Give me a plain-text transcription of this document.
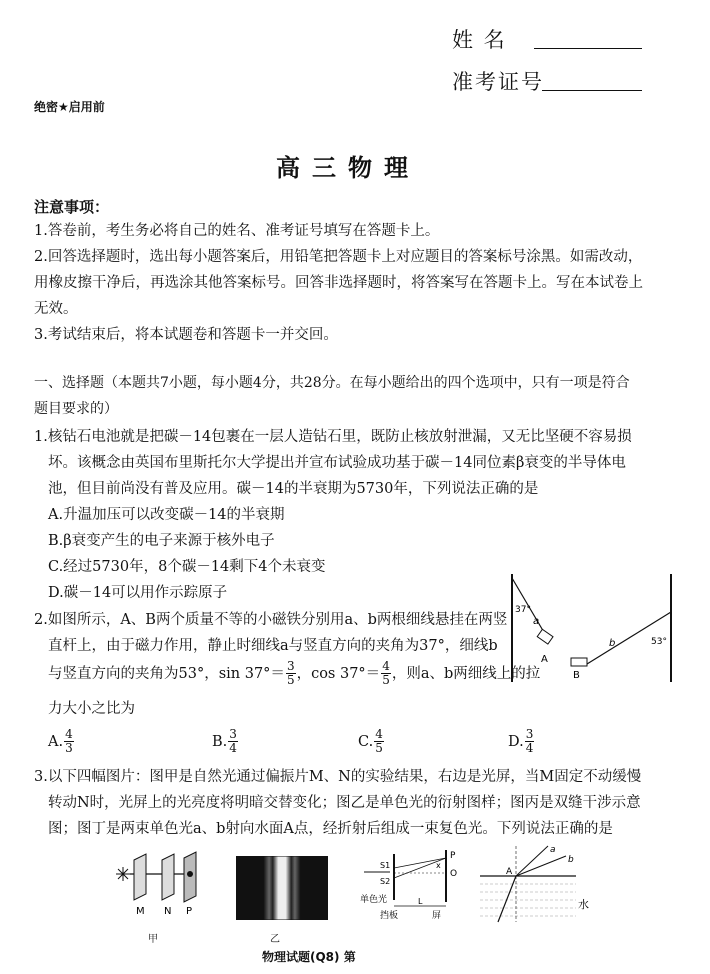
姓 名
准考证号
绝密★启用前
高三物理
注意事项：
1.答卷前，考生务必将自己的姓名、准考证号填写在答题卡上。
2.回答选择题时，选出每小题答案后，用铅笔把答题卡上对应题目的答案标号涂黑。如需改动，
用橡皮擦干净后，再选涂其他答案标号。回答非选择题时，将答案写在答题卡上。写在本试卷上
无效。
3.考试结束后，将本试题卷和答题卡一并交回。
一、选择题（本题共7小题，每小题4分，共28分。在每小题给出的四个选项中，只有一项是符合
题目要求的）
1.核钻石电池就是把碳－14包裹在一层人造钻石里，既防止核放射泄漏，又无比坚硬不容易损
坏。该概念由英国布里斯托尔大学提出并宣布试验成功基于碳－14同位素β衰变的半导体电
池，但目前尚没有普及应用。碳－14的半衰期为5730年，下列说法正确的是
A.升温加压可以改变碳－14的半衰期
B.β衰变产生的电子来源于核外电子
C.经过5730年，8个碳－14剩下4个未衰变
D.碳－14可以用作示踪原子
2.如图所示，A、B两个质量不等的小磁铁分别用a、b两根细线悬挂在两竖
直杆上，由于磁力作用，静止时细线a与竖直方向的夹角为37°，细线b
与竖直方向的夹角为53°，$\sin 37^\circ= \frac{3}{5}$ ，$\cos 37^\circ= \frac{4}{5}$ ，则a、b两细线上的拉
力大小之比为
A. $\frac{4}{3}$	B. $\frac{3}{4}$	C. $\frac{4}{5}$	D. $\frac{3}{4}$
37°
53°
a
b
A
B
3.以下四幅图片：图甲是自然光通过偏振片M、N的实验结果，右边是光屏，当M固定不动缓慢
转动N时，光屏上的光亮度将明暗交替变化；图乙是单色光的衍射图样；图丙是双缝干涉示意
图；图丁是两束单色光a、b射向水面A点，经折射后组成一束复色光。下列说法正确的是
M N P
甲	乙
S1
S2
P
O
x
L
单色光
挡板	屏
a
b
A
水
物理试题(Q8) 第
